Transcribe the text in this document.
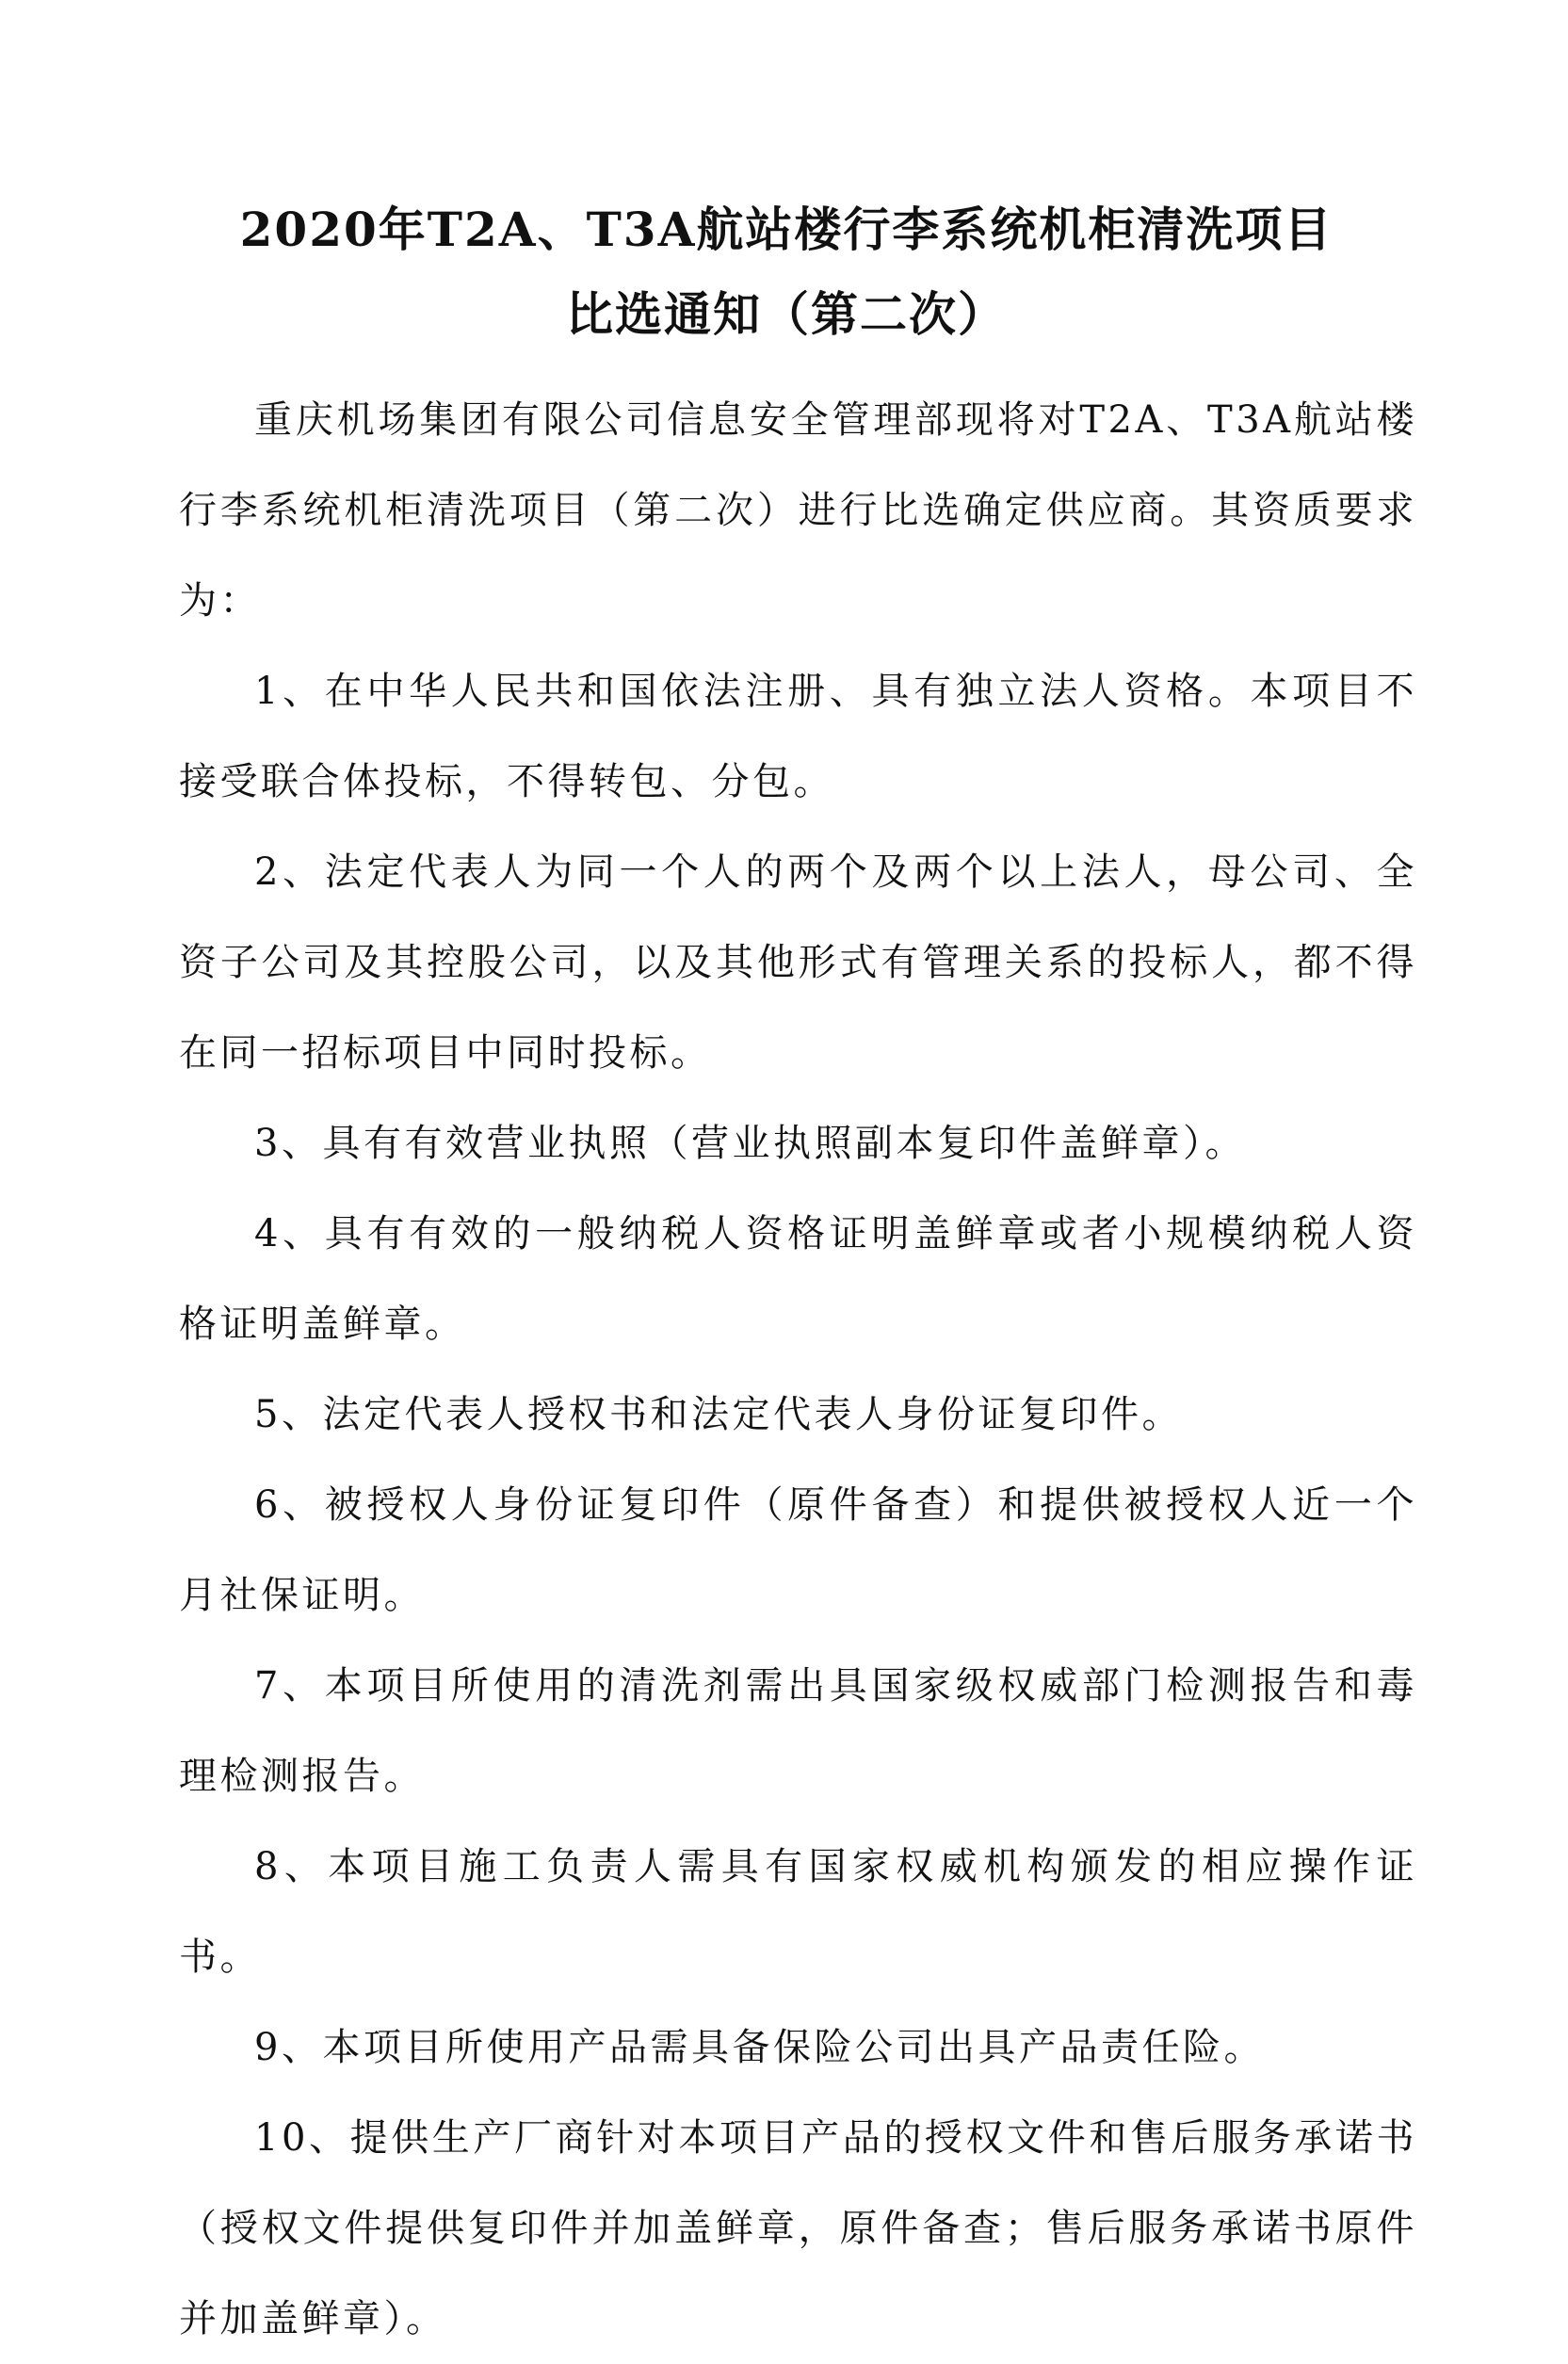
2020年T2A、T3A航站楼行李系统机柜清洗项目
比选通知（第二次）

重庆机场集团有限公司信息安全管理部现将对T2A、T3A航站楼行李系统机柜清洗项目（第二次）进行比选确定供应商。其资质要求为：

1、在中华人民共和国依法注册、具有独立法人资格。本项目不接受联合体投标，不得转包、分包。

2、法定代表人为同一个人的两个及两个以上法人，母公司、全资子公司及其控股公司，以及其他形式有管理关系的投标人，都不得在同一招标项目中同时投标。

3、具有有效营业执照（营业执照副本复印件盖鲜章）。

4、具有有效的一般纳税人资格证明盖鲜章或者小规模纳税人资格证明盖鲜章。

5、法定代表人授权书和法定代表人身份证复印件。

6、被授权人身份证复印件（原件备查）和提供被授权人近一个月社保证明。

7、本项目所使用的清洗剂需出具国家级权威部门检测报告和毒理检测报告。

8、本项目施工负责人需具有国家权威机构颁发的相应操作证书。

9、本项目所使用产品需具备保险公司出具产品责任险。

10、提供生产厂商针对本项目产品的授权文件和售后服务承诺书（授权文件提供复印件并加盖鲜章，原件备查；售后服务承诺书原件并加盖鲜章）。
